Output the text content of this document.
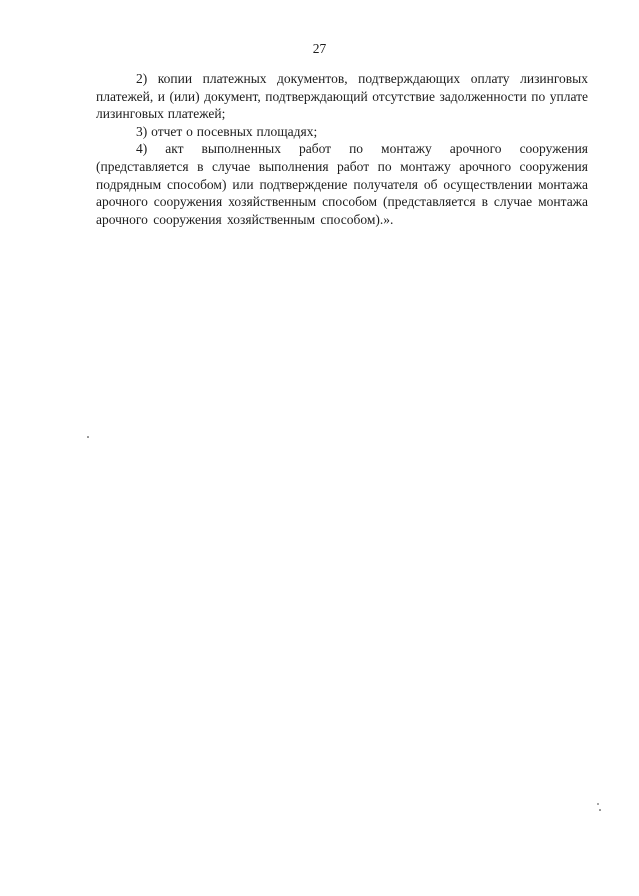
27

2) копии платежных документов, подтверждающих оплату лизинговых платежей, и (или) документ, подтверждающий отсутствие задолженности по уплате лизинговых платежей;

3) отчет о посевных площадях;

4) акт выполненных работ по монтажу арочного сооружения (представляется в случае выполнения работ по монтажу арочного сооружения подрядным способом) или подтверждение получателя об осуществлении монтажа арочного сооружения хозяйственным способом (представляется в случае монтажа арочного сооружения хозяйственным способом).».
